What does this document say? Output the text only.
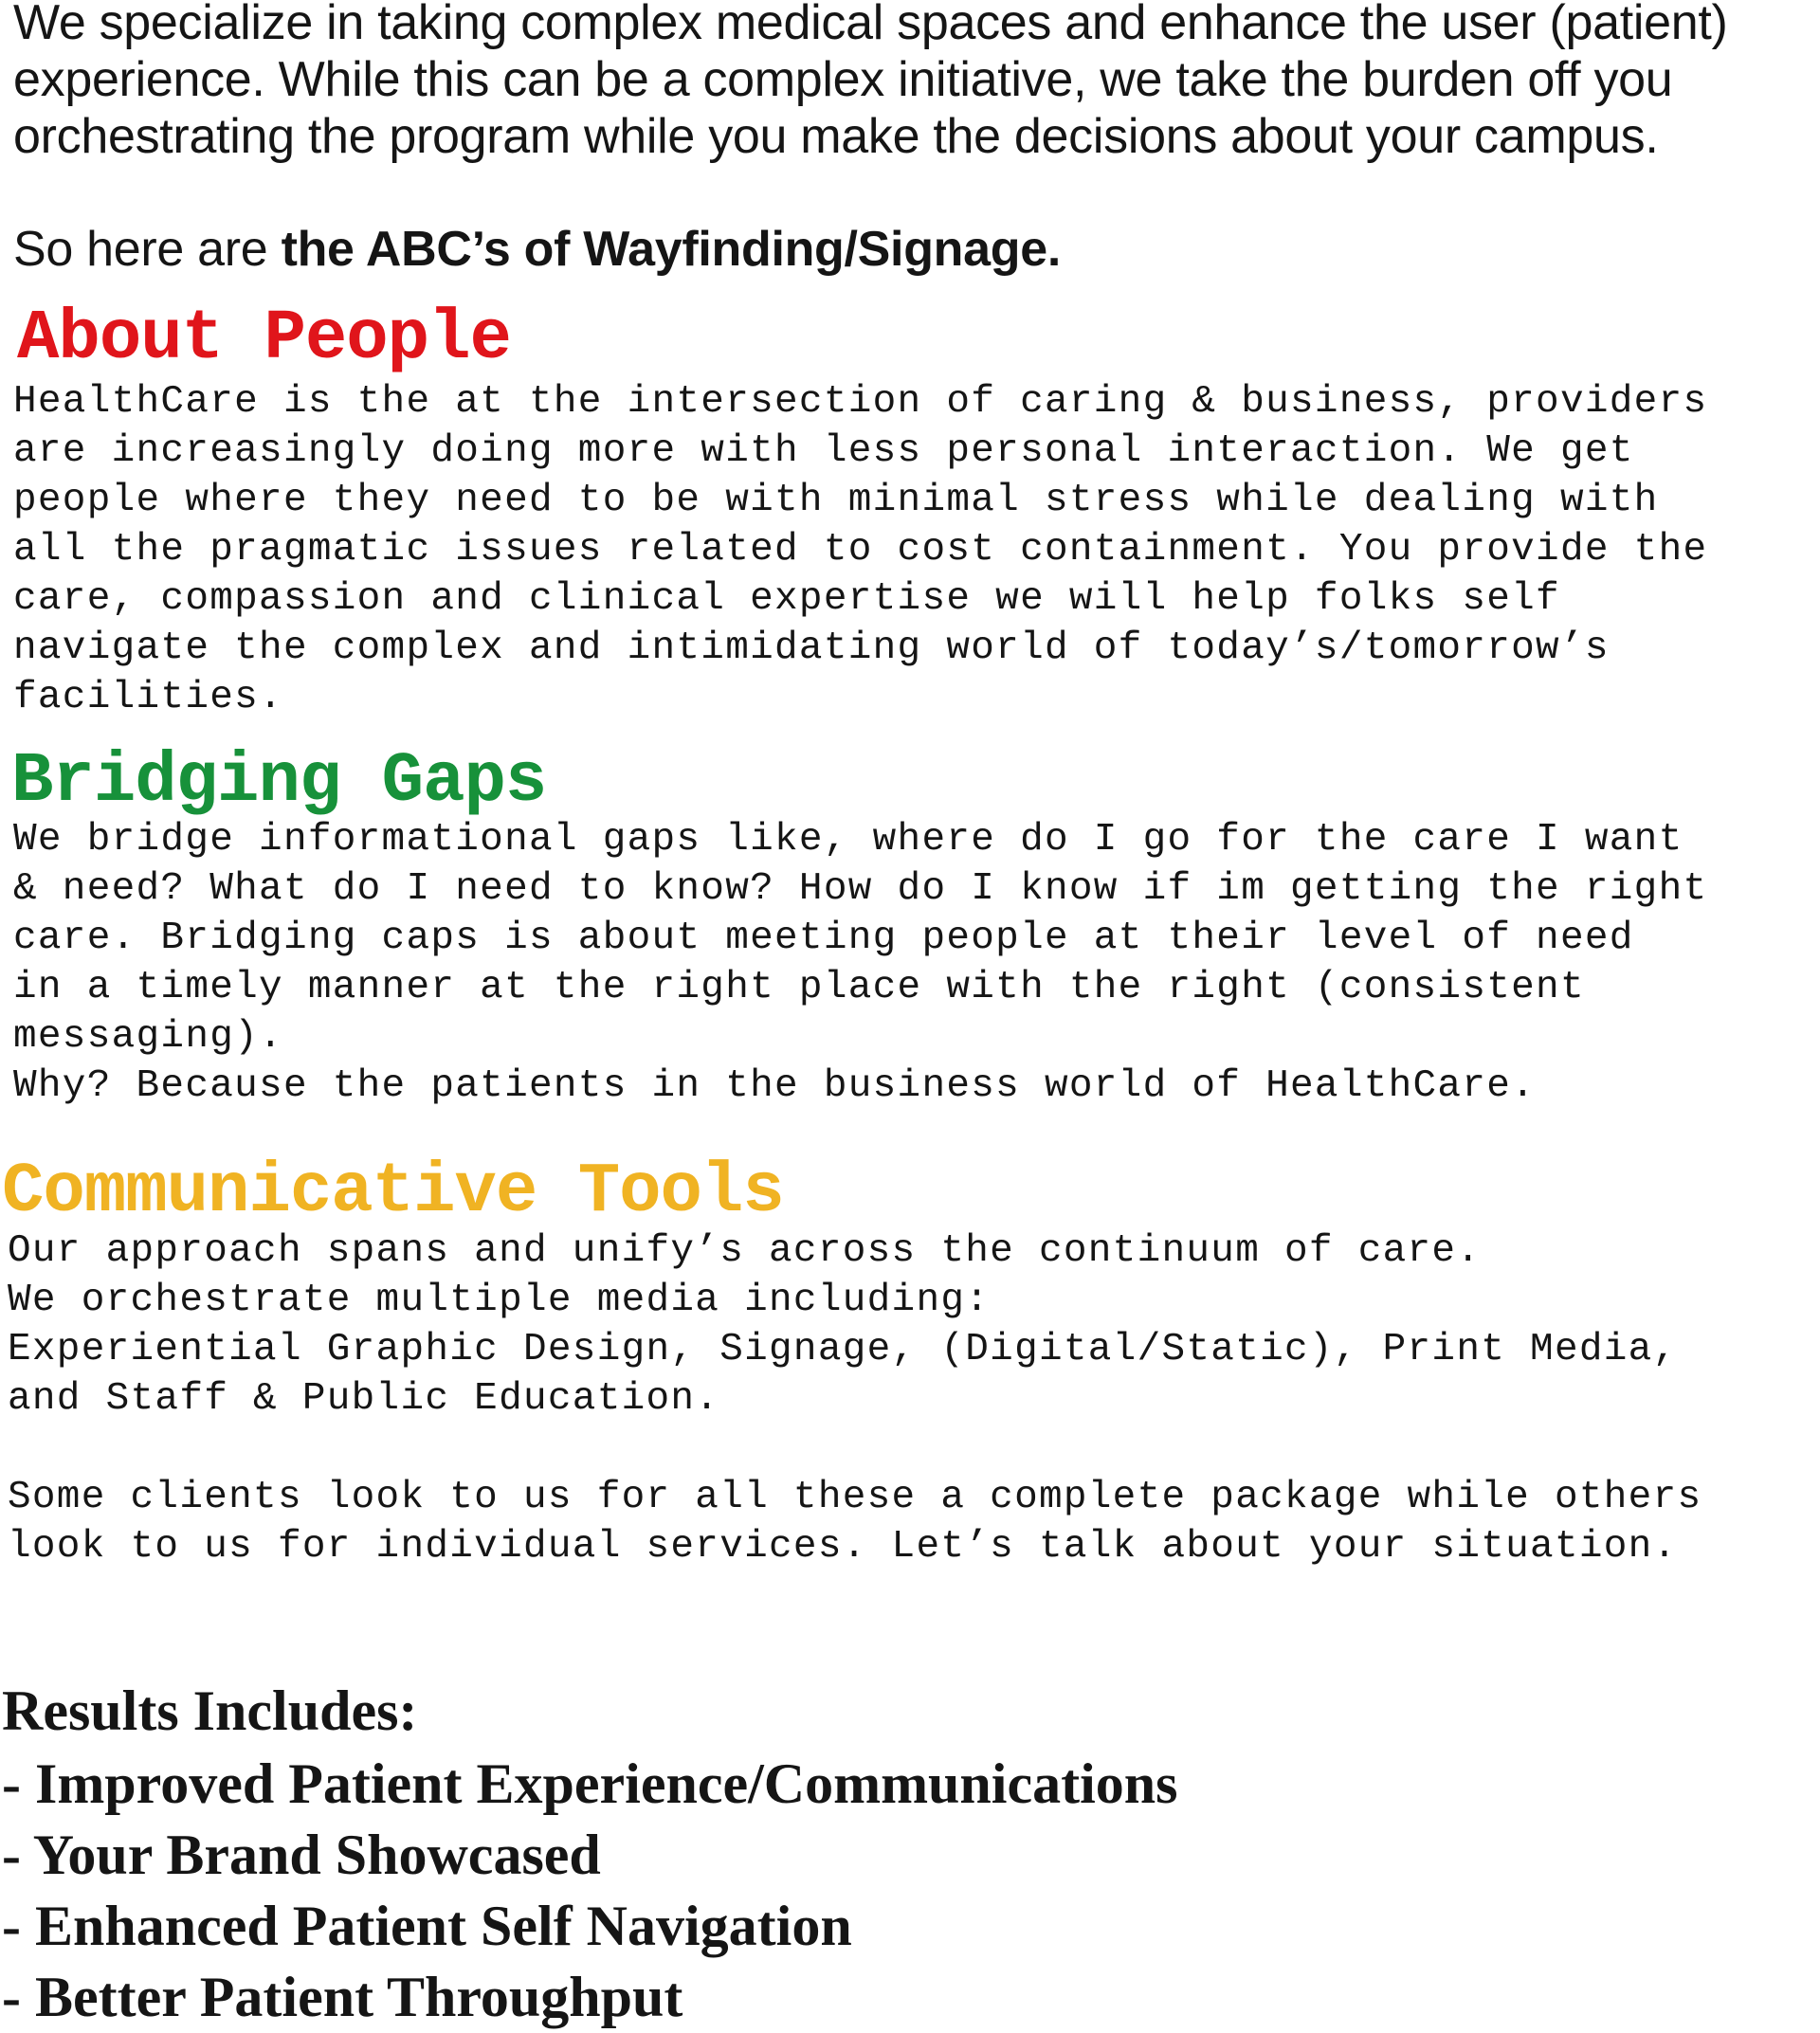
We specialize in taking complex medical spaces and enhance the user (patient)
experience. While this can be a complex initiative, we take the burden off you
orchestrating the program while you make the decisions about your campus.

So here are the ABC’s of Wayfinding/Signage.

About People

HealthCare is the at the intersection of caring & business, providers
are increasingly doing more with less personal interaction. We get
people where they need to be with minimal stress while dealing with
all the pragmatic issues related to cost containment. You provide the
care, compassion and clinical expertise we will help folks self
navigate the complex and intimidating world of today’s/tomorrow’s
facilities.

Bridging Gaps

We bridge informational gaps like, where do I go for the care I want
& need? What do I need to know? How do I know if im getting the right
care. Bridging caps is about meeting people at their level of need
in a timely manner at the right place with the right (consistent
messaging).
Why? Because the patients in the business world of HealthCare.

Communicative Tools

Our approach spans and unify’s across the continuum of care.
We orchestrate multiple media including:
Experiential Graphic Design, Signage, (Digital/Static), Print Media,
and Staff & Public Education.

Some clients look to us for all these a complete package while others
look to us for individual services. Let’s talk about your situation.

Results Includes:
- Improved Patient Experience/Communications
- Your Brand Showcased
- Enhanced Patient Self Navigation
- Better Patient Throughput
